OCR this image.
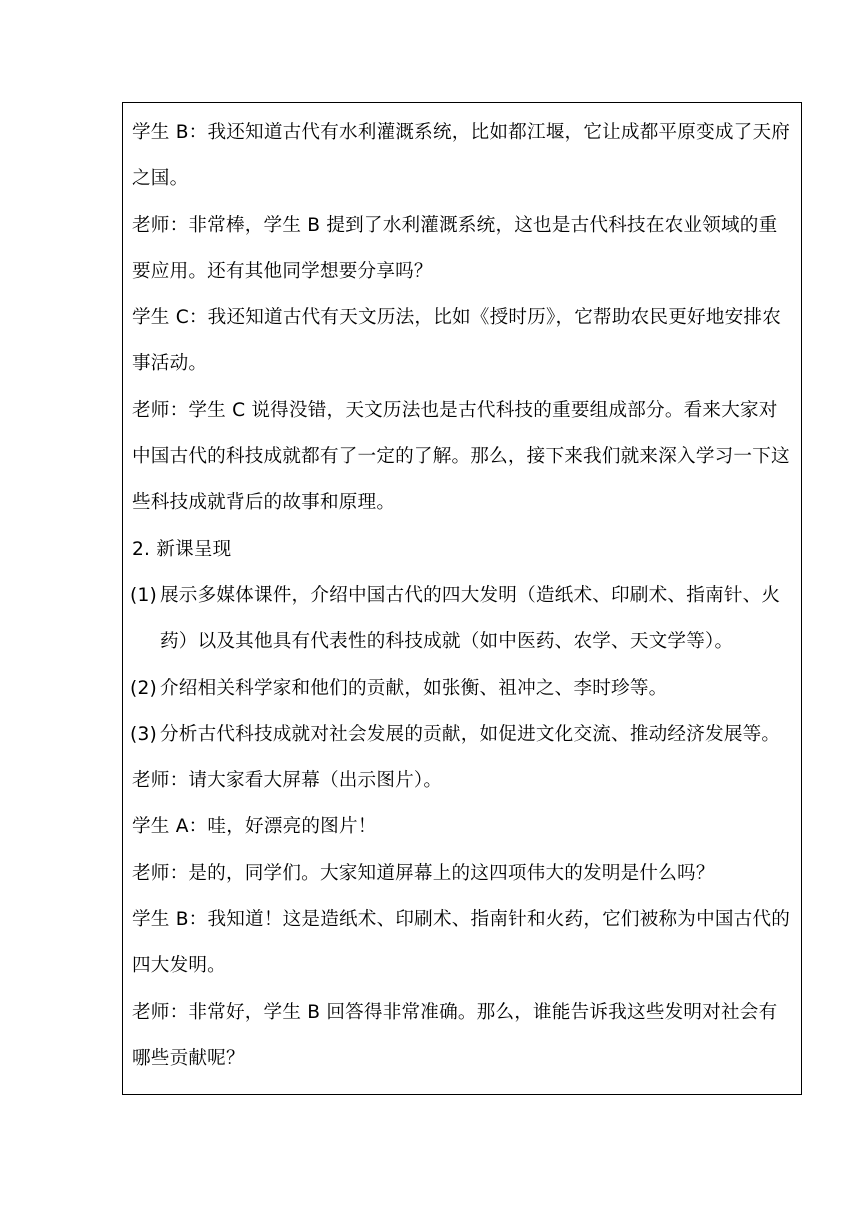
学生 B：我还知道古代有水利灌溉系统，比如都江堰，它让成都平原变成了天府之国。

老师：非常棒，学生 B 提到了水利灌溉系统，这也是古代科技在农业领域的重要应用。还有其他同学想要分享吗？

学生 C：我还知道古代有天文历法，比如《授时历》，它帮助农民更好地安排农事活动。

老师：学生 C 说得没错，天文历法也是古代科技的重要组成部分。看来大家对中国古代的科技成就都有了一定的了解。那么，接下来我们就来深入学习一下这些科技成就背后的故事和原理。

2. 新课呈现

(1) 展示多媒体课件，介绍中国古代的四大发明（造纸术、印刷术、指南针、火药）以及其他具有代表性的科技成就（如中医药、农学、天文学等）。
(2) 介绍相关科学家和他们的贡献，如张衡、祖冲之、李时珍等。
(3) 分析古代科技成就对社会发展的贡献，如促进文化交流、推动经济发展等。

老师：请大家看大屏幕（出示图片）。

学生 A：哇，好漂亮的图片！

老师：是的，同学们。大家知道屏幕上的这四项伟大的发明是什么吗？

学生 B：我知道！这是造纸术、印刷术、指南针和火药，它们被称为中国古代的四大发明。

老师：非常好，学生 B 回答得非常准确。那么，谁能告诉我这些发明对社会有哪些贡献呢？
